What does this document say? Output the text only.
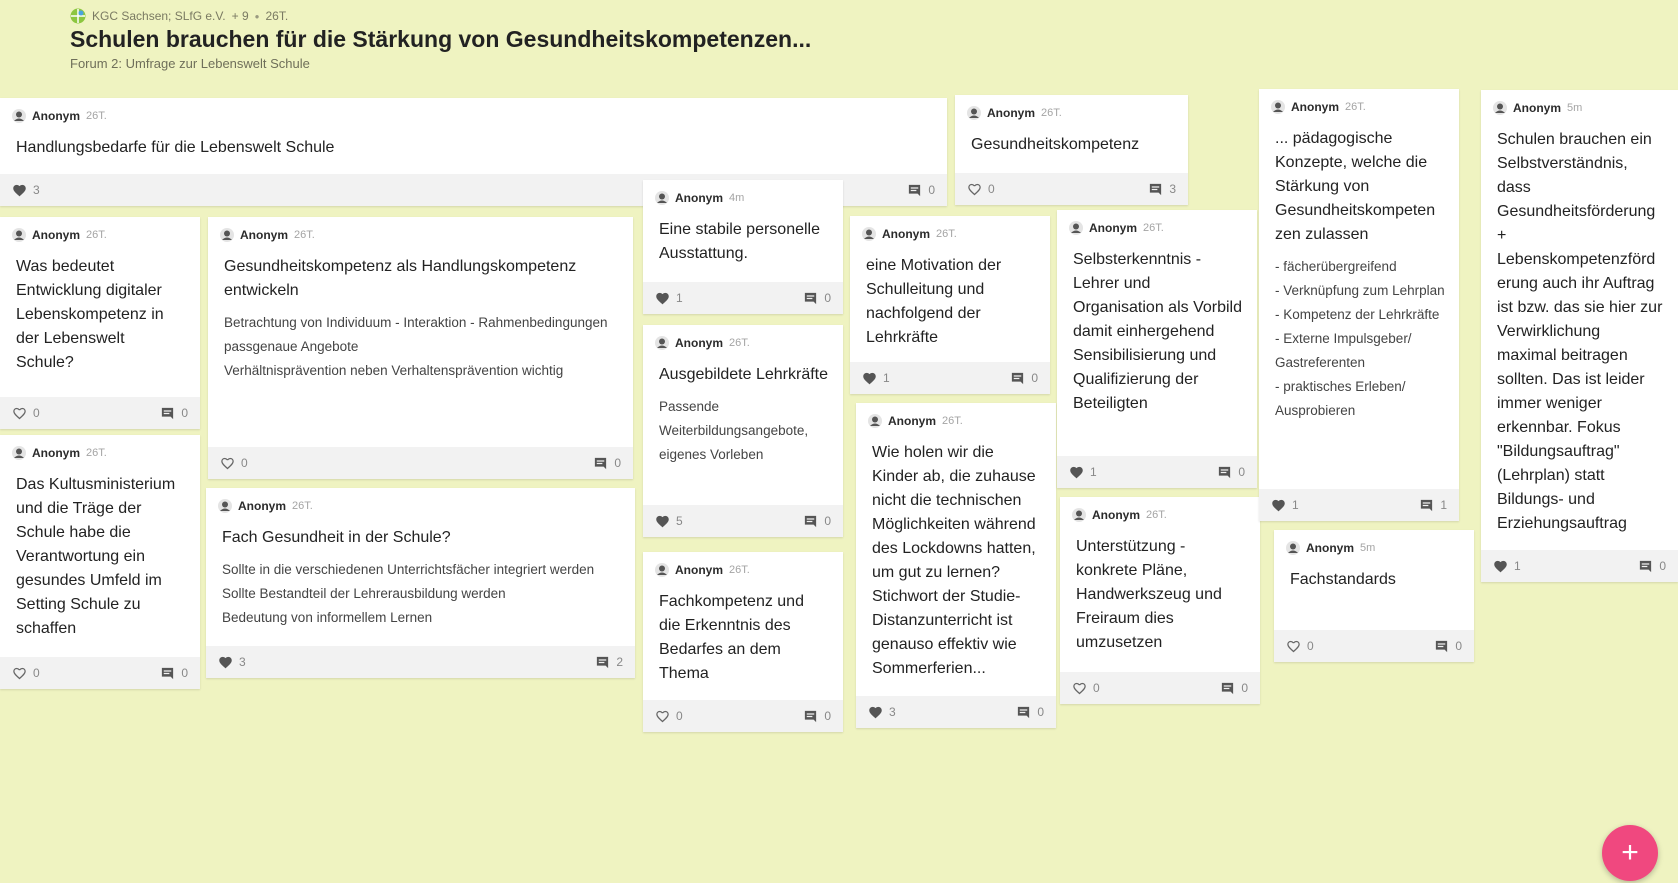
KGC Sachsen; SLfG e.V. + 9 ● 26T.
Schulen brauchen für die Stärkung von Gesundheitskompetenzen...
Forum 2: Umfrage zur Lebenswelt Schule
Anonym 26T.
Handlungsbedarfe für die Lebenswelt Schule
3	0
Anonym 26T.
Was bedeutet Entwicklung digitaler Lebenskompetenz in der Lebenswelt Schule?
0	0
Anonym 26T.
Das Kultusministerium und die Träge der Schule habe die Verantwortung ein gesundes Umfeld im Setting Schule zu schaffen
0	0
Anonym 26T.
Gesundheitskompetenz als Handlungskompetenz entwickeln
Betrachtung von Individuum - Interaktion - Rahmenbedingungen
passgenaue Angebote
Verhältnisprävention neben Verhaltensprävention wichtig
0	0
Anonym 26T.
Fach Gesundheit in der Schule?
Sollte in die verschiedenen Unterrichtsfächer integriert werden
Sollte Bestandteil der Lehrerausbildung werden
Bedeutung von informellem Lernen
3	2
Anonym 4m
Eine stabile personelle Ausstattung.
1	0
Anonym 26T.
Ausgebildete Lehrkräfte
Passende Weiterbildungsangebote, eigenes Vorleben
5	0
Anonym 26T.
Fachkompetenz und die Erkenntnis des Bedarfes an dem Thema
0	0
Anonym 26T.
eine Motivation der Schulleitung und nachfolgend der Lehrkräfte
1	0
Anonym 26T.
Wie holen wir die Kinder ab, die zuhause nicht die technischen Möglichkeiten während des Lockdowns hatten, um gut zu lernen? Stichwort der Studie- Distanzunterricht ist genauso effektiv wie Sommerferien...
3	0
Anonym 26T.
Gesundheitskompetenz
0	3
Anonym 26T.
Selbsterkenntnis - Lehrer und Organisation als Vorbild damit einhergehend Sensibilisierung und Qualifizierung der Beteiligten
1	0
Anonym 26T.
Unterstützung - konkrete Pläne, Handwerkszeug und Freiraum dies umzusetzen
0	0
Anonym 26T.
... pädagogische Konzepte, welche die Stärkung von Gesundheitskompeten zen zulassen
- fächerübergreifend
- Verknüpfung zum Lehrplan
- Kompetenz der Lehrkräfte
- Externe Impulsgeber/ Gastreferenten
- praktisches Erleben/ Ausprobieren
1	1
Anonym 5m
Fachstandards
0	0
Anonym 5m
Schulen brauchen ein Selbstverständnis, dass Gesundheitsförderung + Lebenskompetenzförd erung auch ihr Auftrag ist bzw. das sie hier zur Verwirklichung maximal beitragen sollten. Das ist leider immer weniger erkennbar. Fokus "Bildungsauftrag" (Lehrplan) statt Bildungs- und Erziehungsauftrag
1	0
+
